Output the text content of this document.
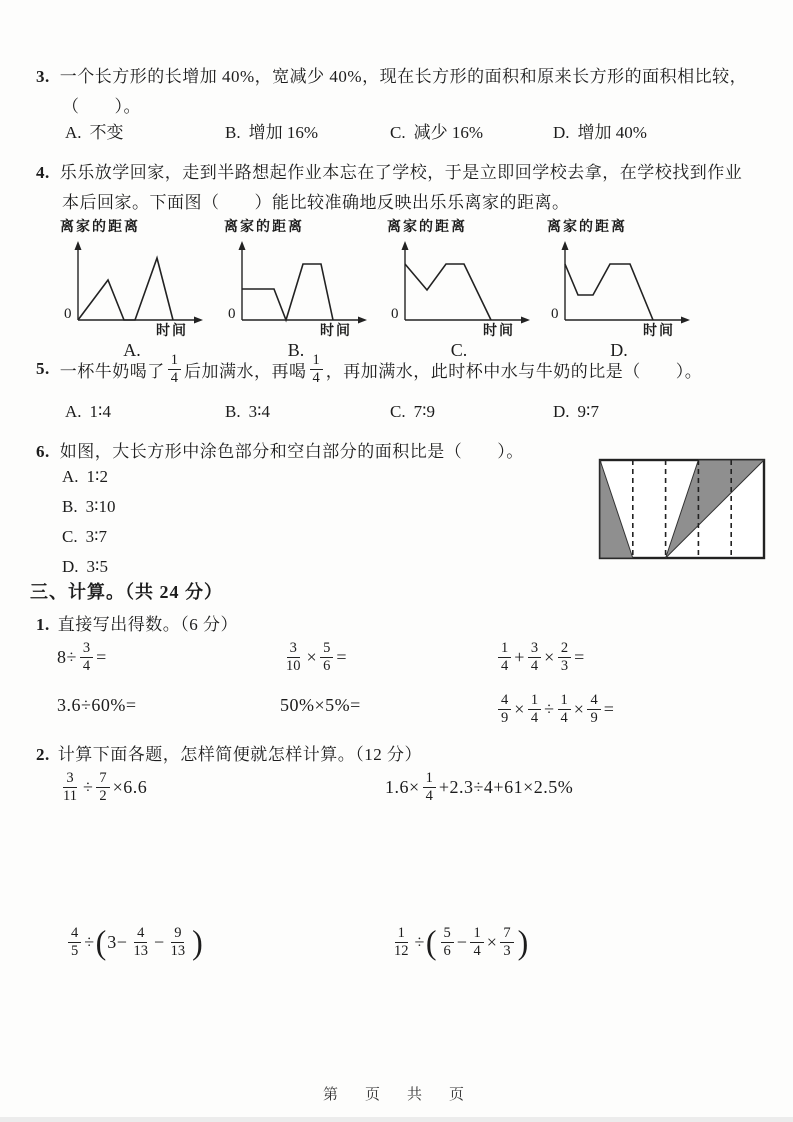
3. 一个长方形的长增加 40%，宽减少 40%，现在长方形的面积和原来长方形的面积相比较，
（　　）。
A. 不变	B. 增加 16%	C. 减少 16%	D. 增加 40%
4. 乐乐放学回家，走到半路想起作业本忘在了学校，于是立即回学校去拿，在学校找到作业
本后回家。下面图（　　）能比较准确地反映出乐乐离家的距离。
离家的距离
0
时间
A.
离家的距离
0
时间
B.
离家的距离
0
时间
C.
离家的距离
0
时间
D.
5. 一杯牛奶喝了 $\frac{1}{4}$ 后加满水，再喝 $\frac{1}{4}$ ，再加满水，此时杯中水与牛奶的比是（　　）。
A. 1∶4	B. 3∶4	C. 7∶9	D. 9∶7
6. 如图，大长方形中涂色部分和空白部分的面积比是（　　）。
A. 1∶2
B. 3∶10
C. 3∶7
D. 3∶5
三、计算。（共 24 分）
1. 直接写出得数。（6 分）
$8\div \frac{3}{4}$ =	$\frac{3}{10} \times \frac{5}{6}$ =	$\frac{1}{4} + \frac{3}{4} \times \frac{2}{3}$ =
3.6÷60%=	50%×5%=	$\frac{4}{9} \times \frac{1}{4} \div \frac{1}{4} \times \frac{4}{9}$ =
2. 计算下面各题，怎样简便就怎样计算。（12 分）
$\frac{3}{11} \div \frac{7}{2} \times 6.6$	$1.6\times \frac{1}{4} +2.3\div 4+61\times 2.5\%$
$\frac{4}{5}$ ÷ ( $3- \frac{4}{13} - \frac{9}{13}$ )	$\frac{1}{12}$ ÷ ( $\frac{5}{6} - \frac{1}{4} \times \frac{7}{3}$ )
第　页　共　页
